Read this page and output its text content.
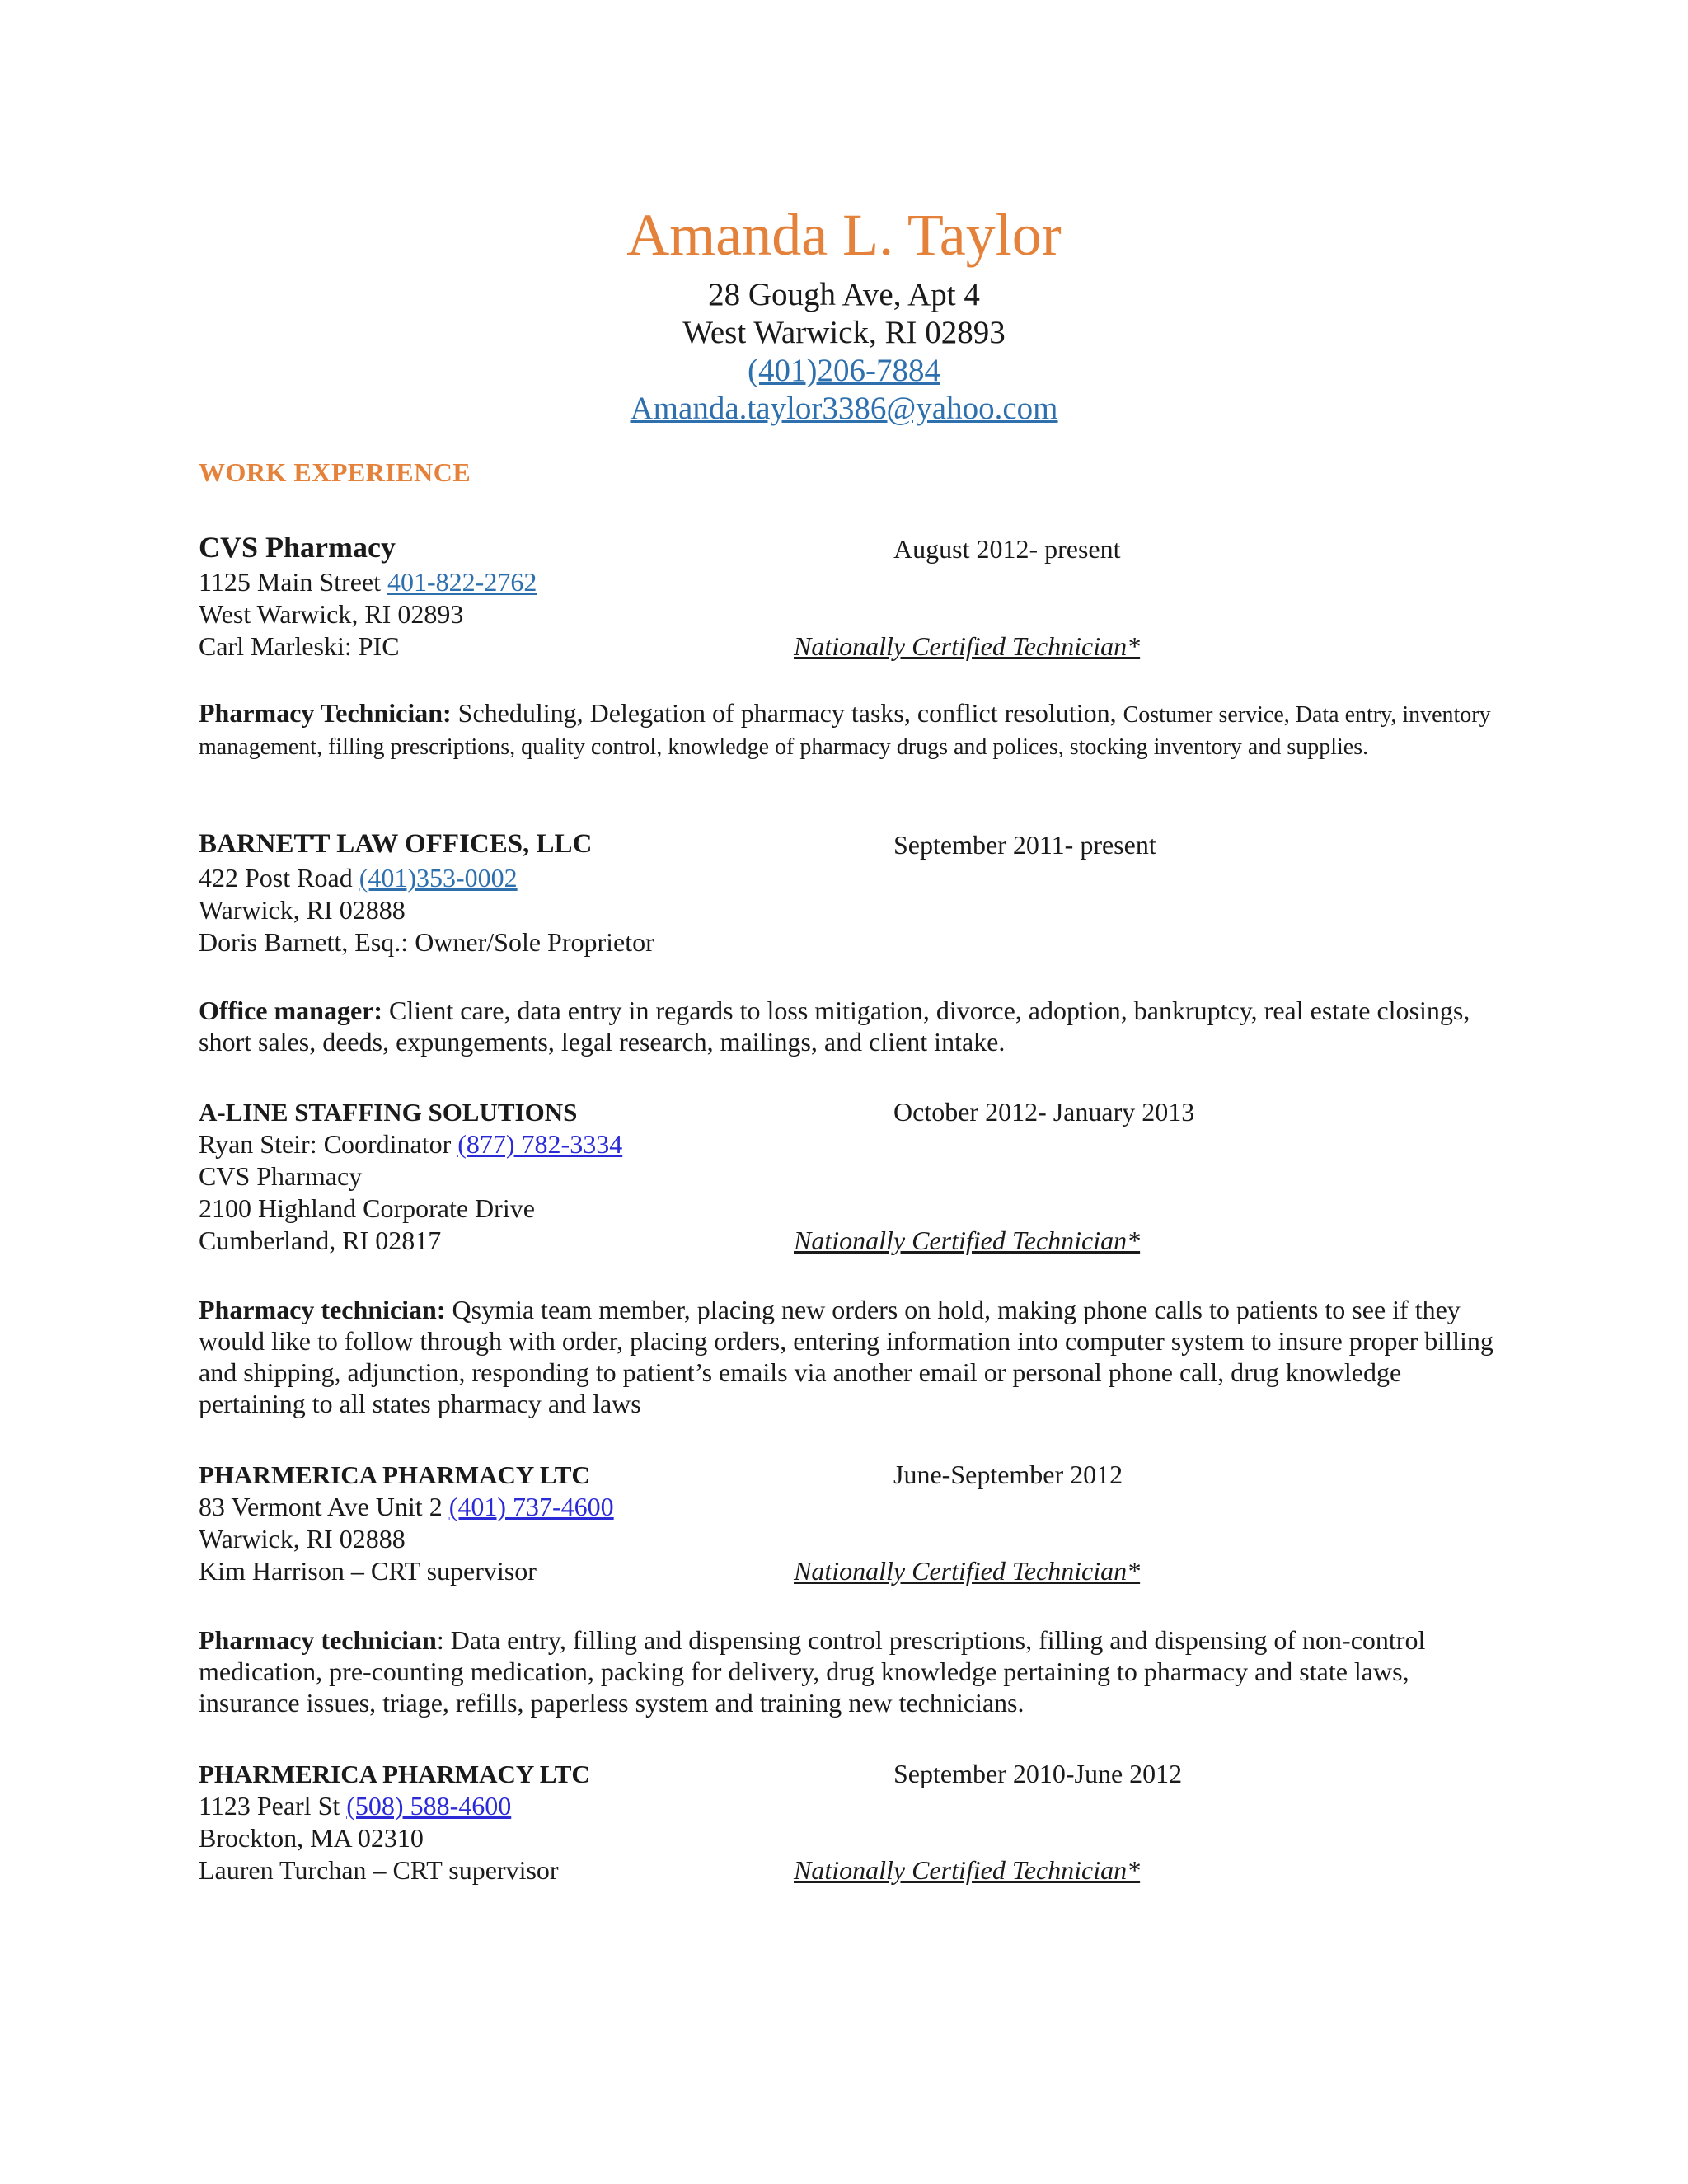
Amanda L. Taylor
28 Gough Ave, Apt 4
West Warwick, RI 02893
(401)206-7884
Amanda.taylor3386@yahoo.com
WORK EXPERIENCE
CVS Pharmacy	August 2012- present
1125 Main Street 401-822-2762
West Warwick, RI 02893
Carl Marleski: PIC	Nationally Certified Technician*
Pharmacy Technician: Scheduling, Delegation of pharmacy tasks, conflict resolution, Costumer service, Data entry, inventory management, filling prescriptions, quality control, knowledge of pharmacy drugs and polices, stocking inventory and supplies.
BARNETT LAW OFFICES, LLC	September 2011- present
422 Post Road (401)353-0002
Warwick, RI 02888
Doris Barnett, Esq.: Owner/Sole Proprietor
Office manager: Client care, data entry in regards to loss mitigation, divorce, adoption, bankruptcy, real estate closings, short sales, deeds, expungements, legal research, mailings, and client intake.
A-LINE STAFFING SOLUTIONS	October 2012- January 2013
Ryan Steir: Coordinator (877) 782-3334
CVS Pharmacy
2100 Highland Corporate Drive
Cumberland, RI 02817	Nationally Certified Technician*
Pharmacy technician: Qsymia team member, placing new orders on hold, making phone calls to patients to see if they would like to follow through with order, placing orders, entering information into computer system to insure proper billing and shipping, adjunction, responding to patient’s emails via another email or personal phone call, drug knowledge pertaining to all states pharmacy and laws
PHARMERICA PHARMACY LTC	June-September 2012
83 Vermont Ave Unit 2 (401) 737-4600
Warwick, RI 02888
Kim Harrison – CRT supervisor	Nationally Certified Technician*
Pharmacy technician: Data entry, filling and dispensing control prescriptions, filling and dispensing of non-control medication, pre-counting medication, packing for delivery, drug knowledge pertaining to pharmacy and state laws, insurance issues, triage, refills, paperless system and training new technicians.
PHARMERICA PHARMACY LTC	September 2010-June 2012
1123 Pearl St (508) 588-4600
Brockton, MA 02310
Lauren Turchan – CRT supervisor	Nationally Certified Technician*
